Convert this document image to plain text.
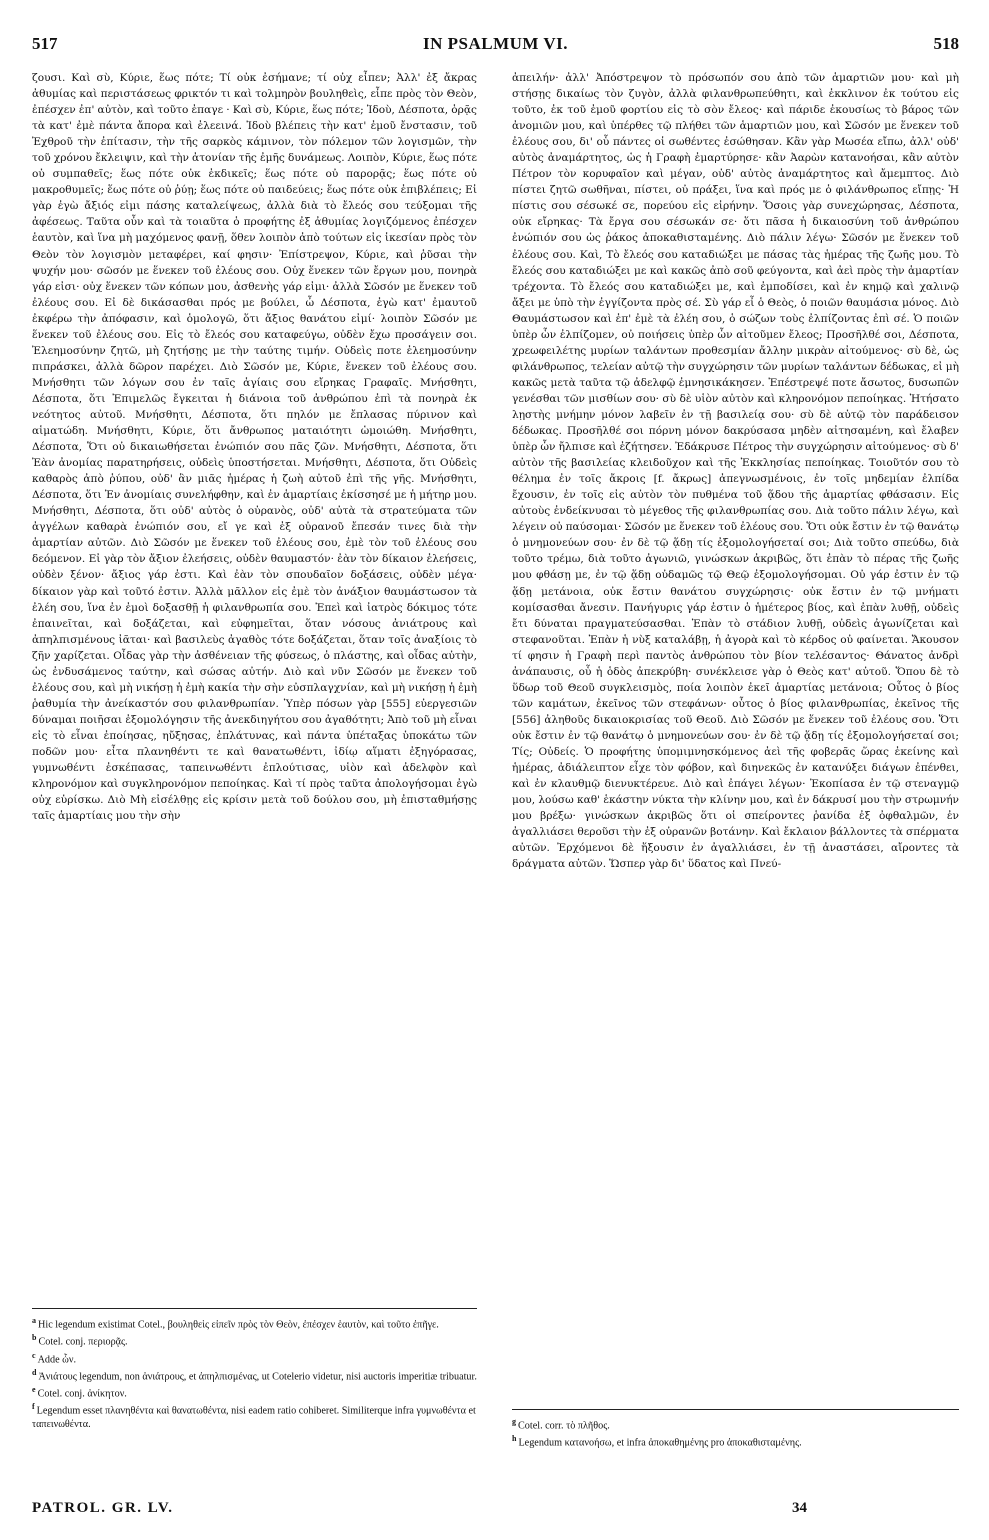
517	IN PSALMUM VI.	518

ζουσι. Καὶ σὺ, Κύριε, ἕως πότε; Τί οὐκ ἐσήμανε; τί οὐχ εἶπεν; Ἀλλ' ἐξ ἄκρας ἀθυμίας καὶ περιστάσεως φρικτόν τι καὶ τολμηρὸν βουληθεὶς, εἶπε πρὸς τὸν Θεὸν, ἐπέσχεν ἐπ' αὐτὸν, καὶ τοῦτο ἐπαγε · Καὶ σὺ, Κύριε, ἕως πότε; Ἰδοὺ, Δέσποτα, ὁρᾷς τὰ κατ' ἐμὲ πάντα ἄπορα καὶ ἐλεεινά. Ἰδοὺ βλέπεις τὴν κατ' ἐμοῦ ἔνστασιν, τοῦ Ἐχθροῦ τὴν ἐπίτασιν, τὴν τῆς σαρκὸς κάμινον, τὸν πόλεμον τῶν λογισμῶν, τὴν τοῦ χρόνου ἔκλειψιν, καὶ τὴν ἀτονίαν τῆς ἐμῆς δυνάμεως. Λοιπὸν, Κύριε, ἕως πότε οὐ συμπαθεῖς; ἕως πότε οὐκ ἐκδικεῖς; ἕως πότε οὐ παρορᾷς; ἕως πότε οὐ μακροθυμεῖς; ἕως πότε οὐ ῥύῃ; ἕως πότε οὐ παιδεύεις; ἕως πότε οὐκ ἐπιβλέπεις; Εἰ γὰρ ἐγὼ ἄξιός εἰμι πάσης καταλείψεως, ἀλλὰ διὰ τὸ ἔλεός σου τεύξομαι τῆς ἀφέσεως. Ταῦτα οὖν καὶ τὰ τοιαῦτα ὁ προφήτης ἐξ ἀθυμίας λογιζόμενος ἐπέσχεν ἑαυτὸν, καὶ ἵνα μὴ μαχόμενος φανῇ, ὅθεν λοιπὸν ἀπὸ τούτων εἰς ἱκεσίαν πρὸς τὸν Θεὸν τὸν λογισμὸν μεταφέρει, καί φησιν· Ἐπίστρεψον, Κύριε, καὶ ῥῦσαι τὴν ψυχήν μου· σῶσόν με ἕνεκεν τοῦ ἐλέους σου. Οὐχ ἕνεκεν τῶν ἔργων μου, πονηρὰ γάρ εἰσι· οὐχ ἕνεκεν τῶν κόπων μου, ἀσθενὴς γάρ εἰμι· ἀλλὰ Σῶσόν με ἕνεκεν τοῦ ἐλέους σου. Εἰ δὲ δικάσασθαι πρός με βούλει, ὦ Δέσποτα, ἐγὼ κατ' ἐμαυτοῦ ἐκφέρω τὴν ἀπόφασιν, καὶ ὁμολογῶ, ὅτι ἄξιος θανάτου εἰμί· λοιπὸν Σῶσόν με ἕνεκεν τοῦ ἐλέους σου. Εἰς τὸ ἔλεός σου καταφεύγω, οὐδὲν ἔχω προσάγειν σοι. Ἐλεημοσύνην ζητῶ, μὴ ζητήσῃς με τὴν ταύτης τιμήν. Οὐδεὶς ποτε ἐλεημοσύνην πιπράσκει, ἀλλὰ δῶρον παρέχει. Διὸ Σῶσόν με, Κύριε, ἕνεκεν τοῦ ἐλέους σου. Μνήσθητι τῶν λόγων σου ἐν ταῖς ἁγίαις σου εἴρηκας Γραφαῖς. Μνήσθητι, Δέσποτα, ὅτι Ἐπιμελῶς ἔγκειται ἡ διάνοια τοῦ ἀνθρώπου ἐπὶ τὰ πονηρὰ ἐκ νεότητος αὐτοῦ. Μνήσθητι, Δέσποτα, ὅτι πηλόν με ἔπλασας πύρινον καὶ αἱματώδη. Μνήσθητι, Κύριε, ὅτι ἄνθρωπος ματαιότητι ὡμοιώθη. Μνήσθητι, Δέσποτα, Ὅτι οὐ δικαιωθήσεται ἐνώπιόν σου πᾶς ζῶν. Μνήσθητι, Δέσποτα, ὅτι Ἐὰν ἀνομίας παρατηρήσεις, οὐδεὶς ὑποστήσεται. Μνήσθητι, Δέσποτα, ὅτι Οὐδεὶς καθαρὸς ἀπὸ ῥύπου, οὐδ' ἂν μιᾶς ἡμέρας ἡ ζωὴ αὐτοῦ ἐπὶ τῆς γῆς. Μνήσθητι, Δέσποτα, ὅτι Ἐν ἀνομίαις συνελήφθην, καὶ ἐν ἁμαρτίαις ἐκίσσησέ με ἡ μήτηρ μου. Μνήσθητι, Δέσποτα, ὅτι οὐδ' αὐτὸς ὁ οὐρανὸς, οὐδ' αὐτὰ τὰ στρατεύματα τῶν ἀγγέλων καθαρὰ ἐνώπιόν σου, εἴ γε καὶ ἐξ οὐρανοῦ ἔπεσάν τινες διὰ τὴν ἁμαρτίαν αὐτῶν. Διὸ Σῶσόν με ἕνεκεν τοῦ ἐλέους σου, ἐμὲ τὸν τοῦ ἐλέους σου δεόμενον. Εἰ γὰρ τὸν ἄξιον ἐλεήσεις, οὐδὲν θαυμαστόν· ἐὰν τὸν δίκαιον ἐλεήσεις, οὐδὲν ξένον· ἄξιος γάρ ἐστι. Καὶ ἐὰν τὸν σπουδαῖον δοξάσεις, οὐδὲν μέγα· δίκαιον γὰρ καὶ τοῦτό ἐστιν. Ἀλλὰ μᾶλλον εἰς ἐμὲ τὸν ἀνάξιον θαυμάστωσον τὰ ἐλέη σου, ἵνα ἐν ἐμοὶ δοξασθῇ ἡ φιλανθρωπία σου. Ἐπεὶ καὶ ἰατρὸς δόκιμος τότε ἐπαινεῖται, καὶ δοξάζεται, καὶ εὐφημεῖται, ὅταν νόσους ἀνιάτρους καὶ ἀπηλπισμένους ἰᾶται· καὶ βασιλεὺς ἀγαθὸς τότε δοξάζεται, ὅταν τοῖς ἀναξίοις τὸ ζῆν χαρίζεται. Οἶδας γὰρ τὴν ἀσθένειαν τῆς φύσεως, ὁ πλάστης, καὶ οἶδας αὐτὴν, ὡς ἐνδυσάμενος ταύτην, καὶ σώσας αὐτήν. Διὸ καὶ νῦν Σῶσόν με ἕνεκεν τοῦ ἐλέους σου, καὶ μὴ νικήσῃ ἡ ἐμὴ κακία τὴν σὴν εὐσπλαγχνίαν, καὶ μὴ νικήσῃ ἡ ἐμὴ ῥαθυμία τὴν ἀνείκαστόν σου φιλανθρωπίαν. Ὑπὲρ πόσων γὰρ [555] εὐεργεσιῶν δύναμαι ποιῆσαι ἐξομολόγησιν τῆς ἀνεκδιηγήτου σου ἀγαθότητι; Ἀπὸ τοῦ μὴ εἶναι εἰς τὸ εἶναι ἐποίησας, ηὔξησας, ἐπλάτυνας, καὶ πάντα ὑπέταξας ὑποκάτω τῶν ποδῶν μου· εἶτα πλανηθέντι τε καὶ θανατωθέντι, ἰδίῳ αἵματι ἐξηγόρασας, γυμνωθέντι ἐσκέπασας, ταπεινωθέντι ἐπλούτισας, υἱὸν καὶ ἀδελφὸν καὶ κληρονόμον καὶ συγκληρονόμον πεποίηκας. Καὶ τί πρὸς ταῦτα ἀπολογήσομαι ἐγὼ οὐχ εὑρίσκω. Διὸ Μὴ εἰσέλθῃς εἰς κρίσιν μετὰ τοῦ δούλου σου, μὴ ἐπισταθμήσῃς ταῖς ἁμαρτίαις μου τὴν σὴν

ἀπειλήν· ἀλλ' Ἀπόστρεψον τὸ πρόσωπόν σου ἀπὸ τῶν ἁμαρτιῶν μου· καὶ μὴ στήσῃς δικαίως τὸν ζυγὸν, ἀλλὰ φιλανθρωπεύθητι, καὶ ἐκκλινον ἐκ τούτου εἰς τοῦτο, ἐκ τοῦ ἐμοῦ φορτίου εἰς τὸ σὸν ἔλεος· καὶ πάριδε ἐκουσίως τὸ βάρος τῶν ἀνομιῶν μου, καὶ ὑπέρθες τῷ πλήθει τῶν ἁμαρτιῶν μου, καὶ Σῶσόν με ἕνεκεν τοῦ ἐλέους σου, δι' οὗ πάντες οἱ σωθέντες ἐσώθησαν. Κἂν γὰρ Μωσέα εἴπω, ἀλλ' οὐδ' αὐτὸς ἀναμάρτητος, ὡς ἡ Γραφὴ ἐμαρτύρησε· κἂν Ἀαρὼν κατανοήσαι, κἂν αὐτὸν Πέτρον τὸν κορυφαῖον καὶ μέγαν, οὐδ' αὐτὸς ἀναμάρτητος καὶ ἄμεμπτος. Διὸ πίστει ζητῶ σωθῆναι, πίστει, οὐ πράξει, ἵνα καὶ πρός με ὁ φιλάνθρωπος εἴπῃς· Ἡ πίστις σου σέσωκέ σε, πορεύου εἰς εἰρήνην. Ὅσοις γὰρ συνεχώρησας, Δέσποτα, οὐκ εἴρηκας· Τὰ ἔργα σου σέσωκάν σε· ὅτι πᾶσα ἡ δικαιοσύνη τοῦ ἀνθρώπου ἐνώπιόν σου ὡς ῥάκος ἀποκαθισταμένης. Διὸ πάλιν λέγω· Σῶσόν με ἕνεκεν τοῦ ἐλέους σου. Καὶ, Τὸ ἔλεός σου καταδιώξει με πάσας τὰς ἡμέρας τῆς ζωῆς μου. Τὸ ἔλεός σου καταδιώξει με καὶ κακῶς ἀπὸ σοῦ φεύγοντα, καὶ ἀεὶ πρὸς τὴν ἁμαρτίαν τρέχοντα. Τὸ ἔλεός σου καταδιώξει με, καὶ ἐμποδίσει, καὶ ἐν κημῷ καὶ χαλινῷ ἄξει με ὑπὸ τὴν ἐγγίζοντα πρὸς σέ. Σὺ γάρ εἶ ὁ Θεὸς, ὁ ποιῶν θαυμάσια μόνος. Διὸ Θαυμάστωσον καὶ ἐπ' ἐμὲ τὰ ἐλέη σου, ὁ σώζων τοὺς ἐλπίζοντας ἐπὶ σέ. Ὁ ποιῶν ὑπὲρ ὧν ἐλπίζομεν, οὐ ποιήσεις ὑπὲρ ὧν αἰτοῦμεν ἔλεος; Προσῆλθέ σοι, Δέσποτα, χρεωφειλέτης μυρίων ταλάντων προθεσμίαν ἄλλην μικρὰν αἰτούμενος· σὺ δὲ, ὡς φιλάνθρωπος, τελείαν αὐτῷ τὴν συγχώρησιν τῶν μυρίων ταλάντων δέδωκας, εἰ μὴ κακῶς μετὰ ταῦτα τῷ ἀδελφῷ ἐμνησικάκησεν. Ἐπέστρεψέ ποτε ἄσωτος, δυσωπῶν γενέσθαι τῶν μισθίων σου· σὺ δὲ υἱὸν αὐτὸν καὶ κληρονόμον πεποίηκας. Ἠτήσατο λῃστὴς μνήμην μόνον λαβεῖν ἐν τῇ βασιλείᾳ σου· σὺ δὲ αὐτῷ τὸν παράδεισον δέδωκας. Προσῆλθέ σοι πόρνη μόνον δακρύσασα μηδὲν αἰτησαμένη, καὶ ἔλαβεν ὑπὲρ ὧν ἤλπισε καὶ ἐζήτησεν. Ἐδάκρυσε Πέτρος τὴν συγχώρησιν αἰτούμενος· σὺ δ' αὐτὸν τῆς βασιλείας κλειδοῦχον καὶ τῆς Ἐκκλησίας πεποίηκας. Τοιοῦτόν σου τὸ θέλημα ἐν τοῖς ἄκροις [f. ἄκρως] ἀπεγνωσμένοις, ἐν τοῖς μηδεμίαν ἐλπίδα ἔχουσιν, ἐν τοῖς εἰς αὐτὸν τὸν πυθμένα τοῦ ᾅδου τῆς ἁμαρτίας φθάσασιν. Εἰς αὐτοὺς ἐνδείκνυσαι τὸ μέγεθος τῆς φιλανθρωπίας σου. Διὰ τοῦτο πάλιν λέγω, καὶ λέγειν οὐ παύσομαι· Σῶσόν με ἕνεκεν τοῦ ἐλέους σου. Ὅτι οὐκ ἔστιν ἐν τῷ θανάτῳ ὁ μνημονεύων σου· ἐν δὲ τῷ ᾅδῃ τίς ἐξομολογήσεταί σοι; Διὰ τοῦτο σπεύδω, διὰ τοῦτο τρέμω, διὰ τοῦτο ἀγωνιῶ, γινώσκων ἀκριβῶς, ὅτι ἐπὰν τὸ πέρας τῆς ζωῆς μου φθάσῃ με, ἐν τῷ ᾅδῃ οὐδαμῶς τῷ Θεῷ ἐξομολογήσομαι. Οὐ γάρ ἐστιν ἐν τῷ ᾅδῃ μετάνοια, οὐκ ἔστιν θανάτου συγχώρησις· οὐκ ἔστιν ἐν τῷ μνήματι κομίσασθαι ἄνεσιν. Πανήγυρις γάρ ἐστιν ὁ ἡμέτερος βίος, καὶ ἐπὰν λυθῇ, οὐδεὶς ἔτι δύναται πραγματεύσασθαι. Ἐπὰν τὸ στάδιον λυθῇ, οὐδεὶς ἀγωνίζεται καὶ στεφανοῦται. Ἐπὰν ἡ νὺξ καταλάβῃ, ἡ ἀγορὰ καὶ τὸ κέρδος οὐ φαίνεται. Ἄκουσον τί φησιν ἡ Γραφὴ περὶ παντὸς ἀνθρώπου τὸν βίον τελέσαντος· Θάνατος ἀνδρὶ ἀνάπαυσις, οὗ ἡ ὁδὸς ἀπεκρύβη· συνέκλεισε γὰρ ὁ Θεὸς κατ' αὐτοῦ. Ὅπου δὲ τὸ ὕδωρ τοῦ Θεοῦ συγκλεισμὸς, ποία λοιπὸν ἐκεῖ ἁμαρτίας μετάνοια; Οὗτος ὁ βίος τῶν καμάτων, ἐκεῖνος τῶν στεφάνων· οὗτος ὁ βίος φιλανθρωπίας, ἐκεῖνος τῆς [556] ἀληθοῦς δικαιοκρισίας τοῦ Θεοῦ. Διὸ Σῶσόν με ἕνεκεν τοῦ ἐλέους σου. Ὅτι οὐκ ἔστιν ἐν τῷ θανάτῳ ὁ μνημονεύων σου· ἐν δὲ τῷ ᾅδῃ τίς ἐξομολογήσεταί σοι; Τίς; Οὐδείς. Ὁ προφήτης ὑπομιμνησκόμενος ἀεὶ τῆς φοβερᾶς ὥρας ἐκείνης καὶ ἡμέρας, ἀδιάλειπτον εἶχε τὸν φόβον, καὶ διηνεκῶς ἐν κατανύξει διάγων ἐπένθει, καὶ ἐν κλαυθμῷ διενυκτέρευε. Διὸ καὶ ἐπάγει λέγων· Ἐκοπίασα ἐν τῷ στεναγμῷ μου, λούσω καθ' ἑκάστην νύκτα τὴν κλίνην μου, καὶ ἐν δάκρυσί μου τὴν στρωμνήν μου βρέξω· γινώσκων ἀκριβῶς ὅτι οἱ σπείροντες ῥανίδα ἐξ ὀφθαλμῶν, ἐν ἀγαλλιάσει θεροῦσι τὴν ἐξ οὐρανῶν βοτάνην. Καὶ ἔκλαιον βάλλοντες τὰ σπέρματα αὐτῶν. Ἐρχόμενοι δὲ ἥξουσιν ἐν ἀγαλλιάσει, ἐν τῇ ἀναστάσει, αἴροντες τὰ δράγματα αὐτῶν. Ὥσπερ γὰρ δι' ὕδατος καὶ Πνεύ-

$^a$ Hic legendum existimat Cotel., βουληθεὶς εἰπεῖν πρὸς τὸν Θεὸν, ἐπέσχεν ἑαυτὸν, καὶ τοῦτο ἐπῆγε.
$^b$ Cotel. conj. περιορᾷς.
$^c$ Adde ὧν.
$^d$ Ἀνιάτους legendum, non ἀνιάτρους, et ἀπηλπισμένας, ut Cotelerio videtur, nisi auctoris imperitiæ tribuatur.
$^e$ Cotel. conj. ἀνίκητον.
$^f$ Legendum esset πλανηθέντα καὶ θανατωθέντα, nisi eadem ratio cohiberet. Similiterque infra γυμνωθέντα et ταπεινωθέντα.	$^g$ Cotel. corr. τὸ πλῆθος.
$^h$ Legendum κατανοήσω, et infra ἀποκαθημένης pro ἀποκαθισταμένης.
PATROL. GR. LV.	34
